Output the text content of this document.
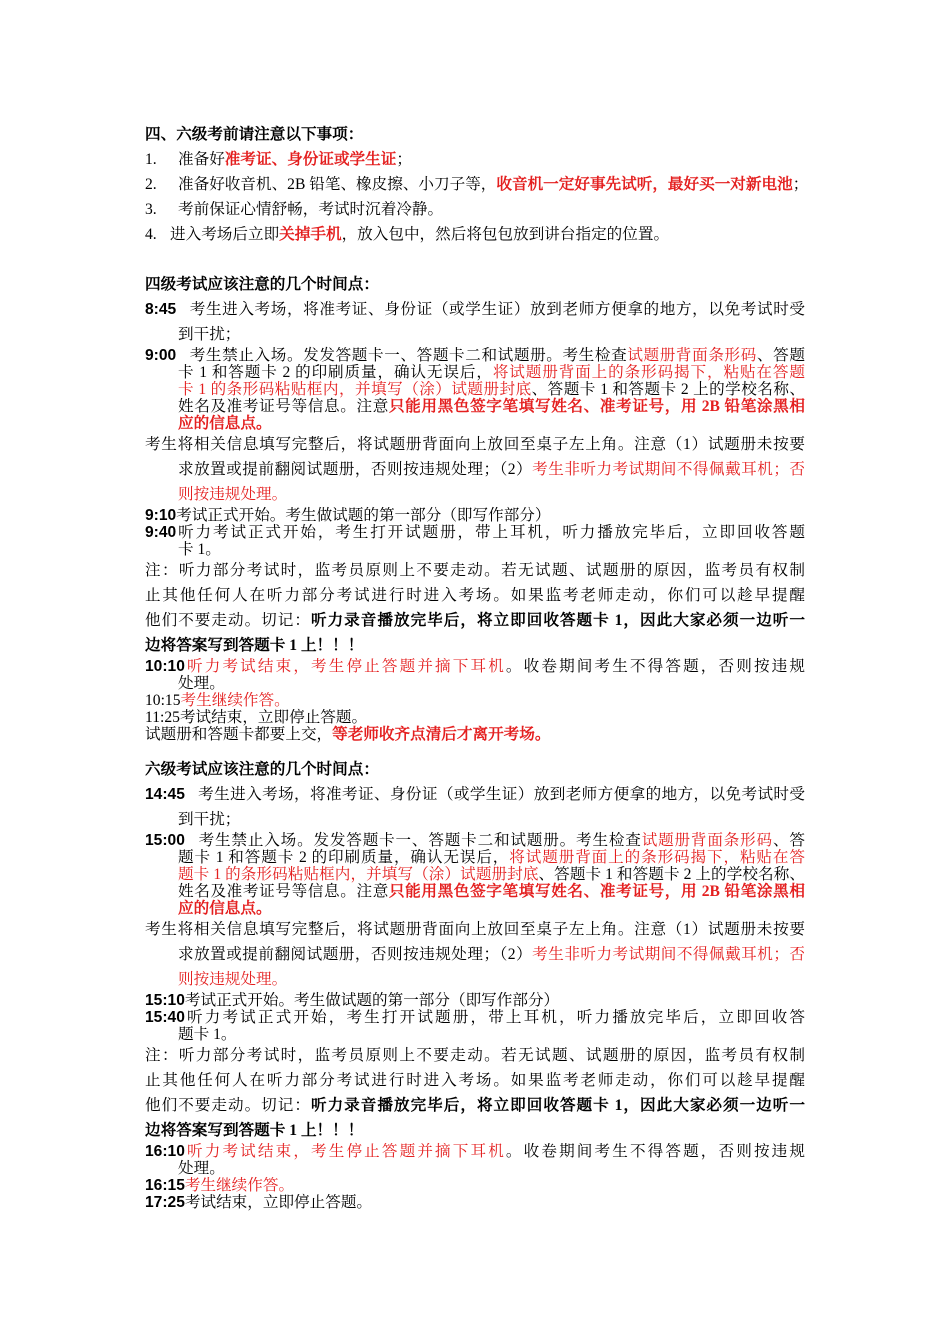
四、六级考前请注意以下事项：
1. 准备好准考证、身份证或学生证；
2. 准备好收音机、2B 铅笔、橡皮擦、小刀子等，收音机一定好事先试听，最好买一对新电池；
3. 考前保证心情舒畅，考试时沉着冷静。
4. 进入考场后立即关掉手机，放入包中，然后将包包放到讲台指定的位置。
四级考试应该注意的几个时间点：
8:45 考生进入考场，将准考证、身份证（或学生证）放到老师方便拿的地方，以免考试时受
到干扰；
9:00 考生禁止入场。发发答题卡一、答题卡二和试题册。考生检查试题册背面条形码、答题
卡 1 和答题卡 2 的印刷质量，确认无误后，将试题册背面上的条形码揭下，粘贴在答题
卡 1 的条形码粘贴框内，并填写（涂）试题册封底、答题卡 1 和答题卡 2 上的学校名称、
姓名及准考证号等信息。注意只能用黑色签字笔填写姓名、准考证号，用 2B 铅笔涂黑相
应的信息点。
考生将相关信息填写完整后，将试题册背面向上放回至桌子左上角。注意（1）试题册未按要
求放置或提前翻阅试题册，否则按违规处理；（2）考生非听力考试期间不得佩戴耳机；否
则按违规处理。
9:10考试正式开始。考生做试题的第一部分（即写作部分）
9:40听力考试正式开始，考生打开试题册，带上耳机，听力播放完毕后，立即回收答题
卡 1。
注：听力部分考试时，监考员原则上不要走动。若无试题、试题册的原因，监考员有权制
止其他任何人在听力部分考试进行时进入考场。如果监考老师走动，你们可以趁早提醒
他们不要走动。切记：听力录音播放完毕后，将立即回收答题卡 1，因此大家必须一边听一
边将答案写到答题卡 1 上！！！
10:10听力考试结束，考生停止答题并摘下耳机。收卷期间考生不得答题，否则按违规
处理。
10:15考生继续作答。
11:25考试结束，立即停止答题。
试题册和答题卡都要上交，等老师收齐点清后才离开考场。
六级考试应该注意的几个时间点：
14:45 考生进入考场，将准考证、身份证（或学生证）放到老师方便拿的地方，以免考试时受
到干扰；
15:00 考生禁止入场。发发答题卡一、答题卡二和试题册。考生检查试题册背面条形码、答
题卡 1 和答题卡 2 的印刷质量，确认无误后，将试题册背面上的条形码揭下，粘贴在答
题卡 1 的条形码粘贴框内，并填写（涂）试题册封底、答题卡 1 和答题卡 2 上的学校名称、
姓名及准考证号等信息。注意只能用黑色签字笔填写姓名、准考证号，用 2B 铅笔涂黑相
应的信息点。
考生将相关信息填写完整后，将试题册背面向上放回至桌子左上角。注意（1）试题册未按要
求放置或提前翻阅试题册，否则按违规处理；（2）考生非听力考试期间不得佩戴耳机；否
则按违规处理。
15:10考试正式开始。考生做试题的第一部分（即写作部分）
15:40听力考试正式开始，考生打开试题册，带上耳机，听力播放完毕后，立即回收答
题卡 1。
注：听力部分考试时，监考员原则上不要走动。若无试题、试题册的原因，监考员有权制
止其他任何人在听力部分考试进行时进入考场。如果监考老师走动，你们可以趁早提醒
他们不要走动。切记：听力录音播放完毕后，将立即回收答题卡 1，因此大家必须一边听一
边将答案写到答题卡 1 上！！！
16:10听力考试结束，考生停止答题并摘下耳机。收卷期间考生不得答题，否则按违规
处理。
16:15考生继续作答。
17:25考试结束，立即停止答题。
